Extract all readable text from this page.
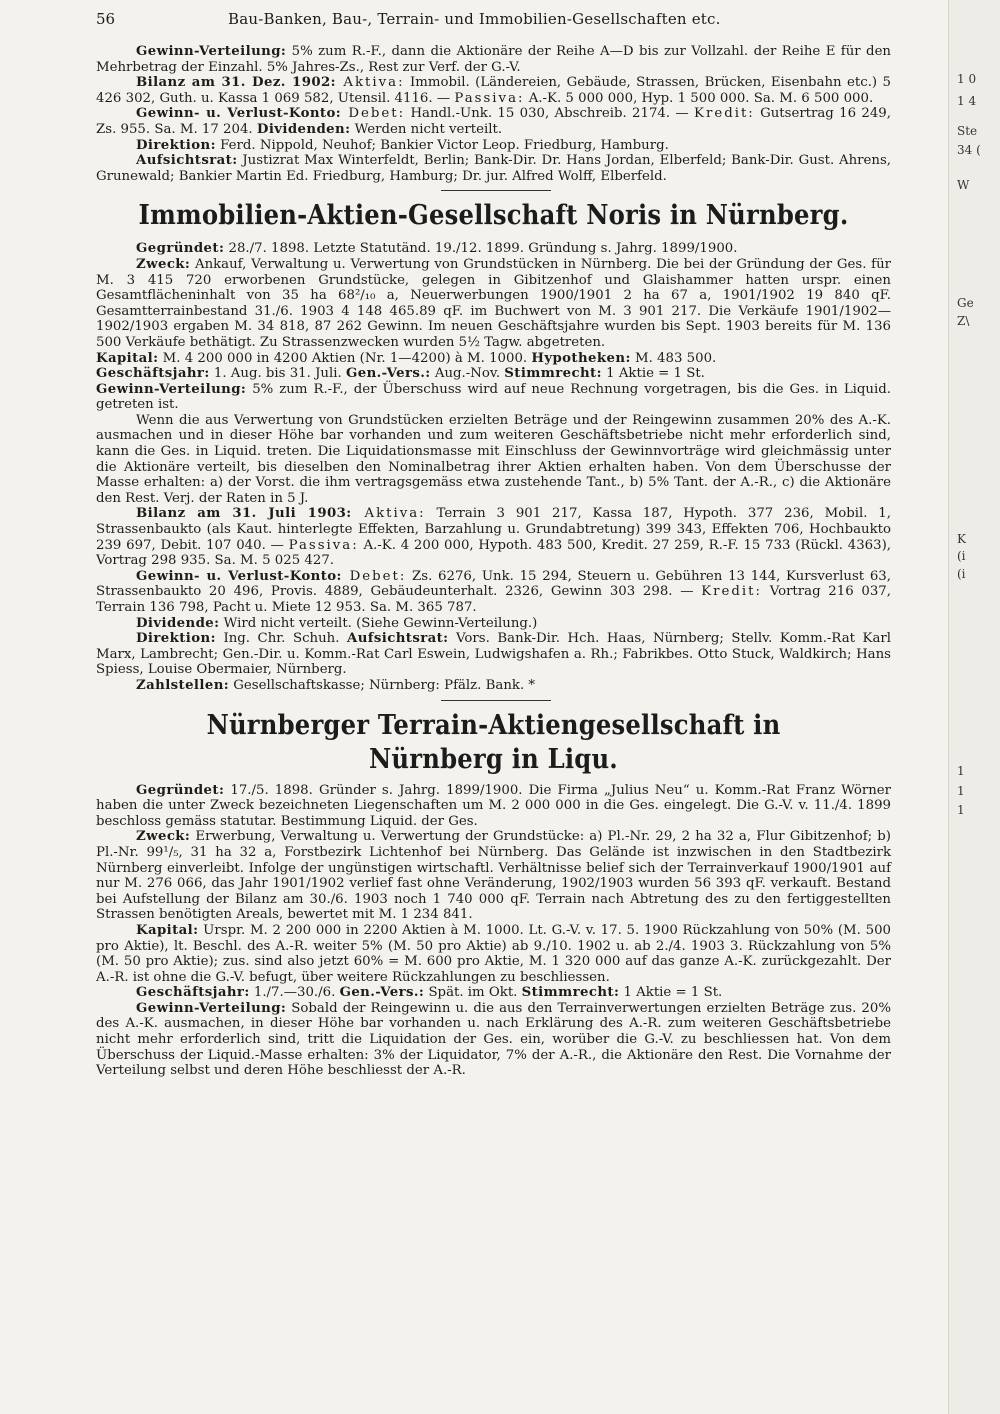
56	Bau-Banken, Bau-, Terrain- und Immobilien-Gesellschaften etc.

Gewinn-Verteilung: 5% zum R.-F., dann die Aktionäre der Reihe A—D bis zur Vollzahl. der Reihe E für den Mehrbetrag der Einzahl. 5% Jahres-Zs., Rest zur Verf. der G.-V.

Bilanz am 31. Dez. 1902: Aktiva: Immobil. (Ländereien, Gebäude, Strassen, Brücken, Eisenbahn etc.) 5 426 302, Guth. u. Kassa 1 069 582, Utensil. 4116. — Passiva: A.-K. 5 000 000, Hyp. 1 500 000. Sa. M. 6 500 000.

Gewinn- u. Verlust-Konto: Debet: Handl.-Unk. 15 030, Abschreib. 2174. — Kredit: Gutsertrag 16 249, Zs. 955. Sa. M. 17 204. Dividenden: Werden nicht verteilt.

Direktion: Ferd. Nippold, Neuhof; Bankier Victor Leop. Friedburg, Hamburg.

Aufsichtsrat: Justizrat Max Winterfeldt, Berlin; Bank-Dir. Dr. Hans Jordan, Elberfeld; Bank-Dir. Gust. Ahrens, Grunewald; Bankier Martin Ed. Friedburg, Hamburg; Dr. jur. Alfred Wolff, Elberfeld.

Immobilien-Aktien-Gesellschaft Noris in Nürnberg.

Gegründet: 28./7. 1898. Letzte Statutänd. 19./12. 1899. Gründung s. Jahrg. 1899/1900.

Zweck: Ankauf, Verwaltung u. Verwertung von Grundstücken in Nürnberg. Die bei der Gründung der Ges. für M. 3 415 720 erworbenen Grundstücke, gelegen in Gibitzenhof und Glaishammer hatten urspr. einen Gesamtflächeninhalt von 35 ha 68²/₁₀ a, Neuerwerbungen 1900/1901 2 ha 67 a, 1901/1902 19 840 qF. Gesamtterrainbestand 31./6. 1903 4 148 465.89 qF. im Buchwert von M. 3 901 217. Die Verkäufe 1901/1902—1902/1903 ergaben M. 34 818, 87 262 Gewinn. Im neuen Geschäftsjahre wurden bis Sept. 1903 bereits für M. 136 500 Verkäufe bethätigt. Zu Strassenzwecken wurden 5½ Tagw. abgetreten.

Kapital: M. 4 200 000 in 4200 Aktien (Nr. 1—4200) à M. 1000. Hypotheken: M. 483 500.

Geschäftsjahr: 1. Aug. bis 31. Juli. Gen.-Vers.: Aug.-Nov. Stimmrecht: 1 Aktie = 1 St.

Gewinn-Verteilung: 5% zum R.-F., der Überschuss wird auf neue Rechnung vorgetragen, bis die Ges. in Liquid. getreten ist.

Wenn die aus Verwertung von Grundstücken erzielten Beträge und der Reingewinn zusammen 20% des A.-K. ausmachen und in dieser Höhe bar vorhanden und zum weiteren Geschäftsbetriebe nicht mehr erforderlich sind, kann die Ges. in Liquid. treten. Die Liquidationsmasse mit Einschluss der Gewinnvorträge wird gleichmässig unter die Aktionäre verteilt, bis dieselben den Nominalbetrag ihrer Aktien erhalten haben. Von dem Überschusse der Masse erhalten: a) der Vorst. die ihm vertragsgemäss etwa zustehende Tant., b) 5% Tant. der A.-R., c) die Aktionäre den Rest. Verj. der Raten in 5 J.

Bilanz am 31. Juli 1903: Aktiva: Terrain 3 901 217, Kassa 187, Hypoth. 377 236, Mobil. 1, Strassenbaukto (als Kaut. hinterlegte Effekten, Barzahlung u. Grundabtretung) 399 343, Effekten 706, Hochbaukto 239 697, Debit. 107 040. — Passiva: A.-K. 4 200 000, Hypoth. 483 500, Kredit. 27 259, R.-F. 15 733 (Rückl. 4363), Vortrag 298 935. Sa. M. 5 025 427.

Gewinn- u. Verlust-Konto: Debet: Zs. 6276, Unk. 15 294, Steuern u. Gebühren 13 144, Kursverlust 63, Strassenbaukto 20 496, Provis. 4889, Gebäudeunterhalt. 2326, Gewinn 303 298. — Kredit: Vortrag 216 037, Terrain 136 798, Pacht u. Miete 12 953. Sa. M. 365 787.

Dividende: Wird nicht verteilt. (Siehe Gewinn-Verteilung.)

Direktion: Ing. Chr. Schuh. Aufsichtsrat: Vors. Bank-Dir. Hch. Haas, Nürnberg; Stellv. Komm.-Rat Karl Marx, Lambrecht; Gen.-Dir. u. Komm.-Rat Carl Eswein, Ludwigshafen a. Rh.; Fabrikbes. Otto Stuck, Waldkirch; Hans Spiess, Louise Obermaier, Nürnberg.

Zahlstellen: Gesellschaftskasse; Nürnberg: Pfälz. Bank. *

Nürnberger Terrain-Aktiengesellschaft in Nürnberg in Liqu.

Gegründet: 17./5. 1898. Gründer s. Jahrg. 1899/1900. Die Firma „Julius Neu“ u. Komm.-Rat Franz Wörner haben die unter Zweck bezeichneten Liegenschaften um M. 2 000 000 in die Ges. eingelegt. Die G.-V. v. 11./4. 1899 beschloss gemäss statutar. Bestimmung Liquid. der Ges.

Zweck: Erwerbung, Verwaltung u. Verwertung der Grundstücke: a) Pl.-Nr. 29, 2 ha 32 a, Flur Gibitzenhof; b) Pl.-Nr. 99¹/₅, 31 ha 32 a, Forstbezirk Lichtenhof bei Nürnberg. Das Gelände ist inzwischen in den Stadtbezirk Nürnberg einverleibt. Infolge der ungünstigen wirtschaftl. Verhältnisse belief sich der Terrainverkauf 1900/1901 auf nur M. 276 066, das Jahr 1901/1902 verlief fast ohne Veränderung, 1902/1903 wurden 56 393 qF. verkauft. Bestand bei Aufstellung der Bilanz am 30./6. 1903 noch 1 740 000 qF. Terrain nach Abtretung des zu den fertiggestellten Strassen benötigten Areals, bewertet mit M. 1 234 841.

Kapital: Urspr. M. 2 200 000 in 2200 Aktien à M. 1000. Lt. G.-V. v. 17. 5. 1900 Rückzahlung von 50% (M. 500 pro Aktie), lt. Beschl. des A.-R. weiter 5% (M. 50 pro Aktie) ab 9./10. 1902 u. ab 2./4. 1903 3. Rückzahlung von 5% (M. 50 pro Aktie); zus. sind also jetzt 60% = M. 600 pro Aktie, M. 1 320 000 auf das ganze A.-K. zurückgezahlt. Der A.-R. ist ohne die G.-V. befugt, über weitere Rückzahlungen zu beschliessen.

Geschäftsjahr: 1./7.—30./6. Gen.-Vers.: Spät. im Okt. Stimmrecht: 1 Aktie = 1 St.

Gewinn-Verteilung: Sobald der Reingewinn u. die aus den Terrainverwertungen erzielten Beträge zus. 20% des A.-K. ausmachen, in dieser Höhe bar vorhanden u. nach Erklärung des A.-R. zum weiteren Geschäftsbetriebe nicht mehr erforderlich sind, tritt die Liquidation der Ges. ein, worüber die G.-V. zu beschliessen hat. Von dem Überschuss der Liquid.-Masse erhalten: 3% der Liquidator, 7% der A.-R., die Aktionäre den Rest. Die Vornahme der Verteilung selbst und deren Höhe beschliesst der A.-R.

1 0
1 4
Ste
34 (
W
Ge
Z\
K
(i
(i
1
1
1
